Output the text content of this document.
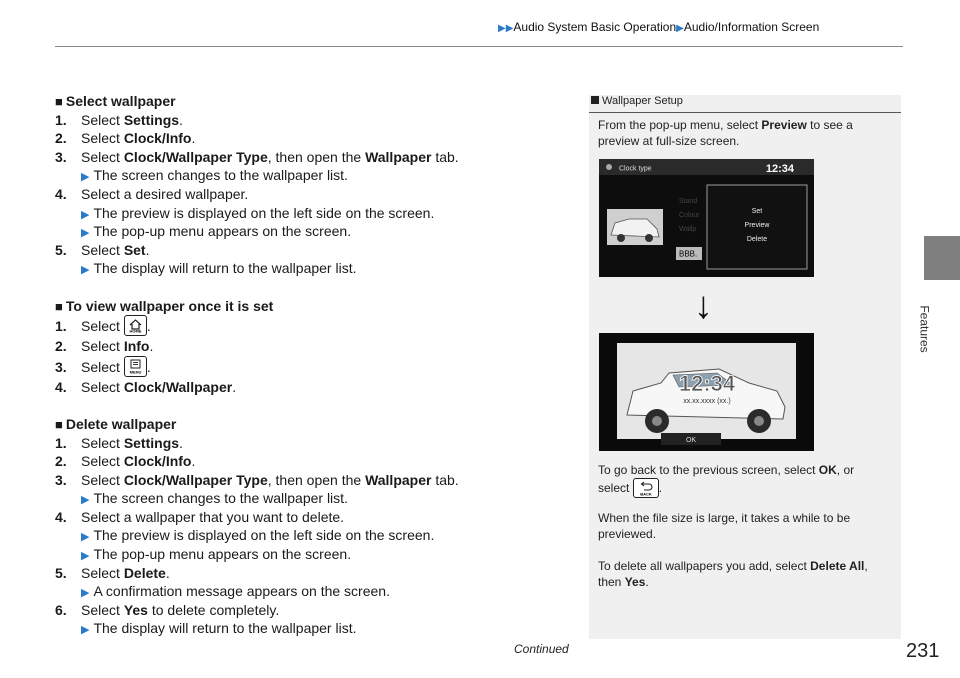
▶▶Audio System Basic Operation▶Audio/Information Screen
Features
■ Select wallpaper
1. Select Settings.
2. Select Clock/Info.
3. Select Clock/Wallpaper Type, then open the Wallpaper tab.
▶ The screen changes to the wallpaper list.
4. Select a desired wallpaper.
▶ The preview is displayed on the left side on the screen.
▶ The pop-up menu appears on the screen.
5. Select Set.
▶ The display will return to the wallpaper list.
■ To view wallpaper once it is set
1. Select HOME .
2. Select Info.
3. Select MENU .
4. Select Clock/Wallpaper.
■ Delete wallpaper
1. Select Settings.
2. Select Clock/Info.
3. Select Clock/Wallpaper Type, then open the Wallpaper tab.
▶ The screen changes to the wallpaper list.
4. Select a wallpaper that you want to delete.
▶ The preview is displayed on the left side on the screen.
▶ The pop-up menu appears on the screen.
5. Select Delete.
▶ A confirmation message appears on the screen.
6. Select Yes to delete completely.
▶ The display will return to the wallpaper list.
Wallpaper Setup
From the pop-up menu, select Preview to see a
preview at full-size screen.
Clock type	12:34
Stand
Colour
Wallp
BBB.
Set
Preview
Delete
↓
12:34
xx.xx.xxxx (xx.)
OK
To go back to the previous screen, select OK, or
select	BACK .
When the file size is large, it takes a while to be
previewed.
To delete all wallpapers you add, select Delete All,
then Yes.
Continued	231
